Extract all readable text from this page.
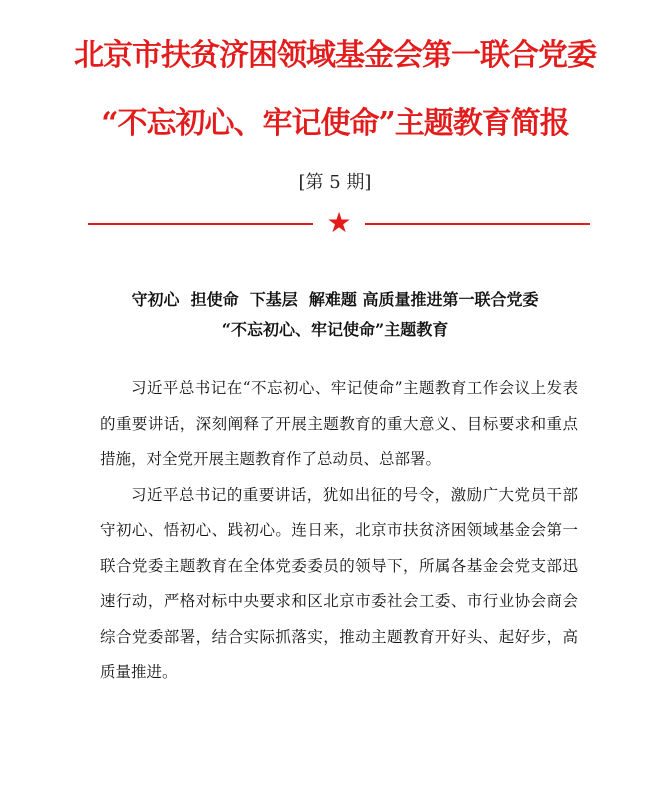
北京市扶贫济困领域基金会第一联合党委
“不忘初心、牢记使命”主题教育简报
[第 5 期]
★
守初心  担使命  下基层  解难题 高质量推进第一联合党委
“不忘初心、牢记使命”主题教育

习近平总书记在“不忘初心、牢记使命”主题教育工作会议上发表的重要讲话，深刻阐释了开展主题教育的重大意义、目标要求和重点措施，对全党开展主题教育作了总动员、总部署。

习近平总书记的重要讲话，犹如出征的号令，激励广大党员干部守初心、悟初心、践初心。连日来，北京市扶贫济困领域基金会第一联合党委主题教育在全体党委委员的领导下，所属各基金会党支部迅速行动，严格对标中央要求和区北京市委社会工委、市行业协会商会综合党委部署，结合实际抓落实，推动主题教育开好头、起好步，高质量推进。
